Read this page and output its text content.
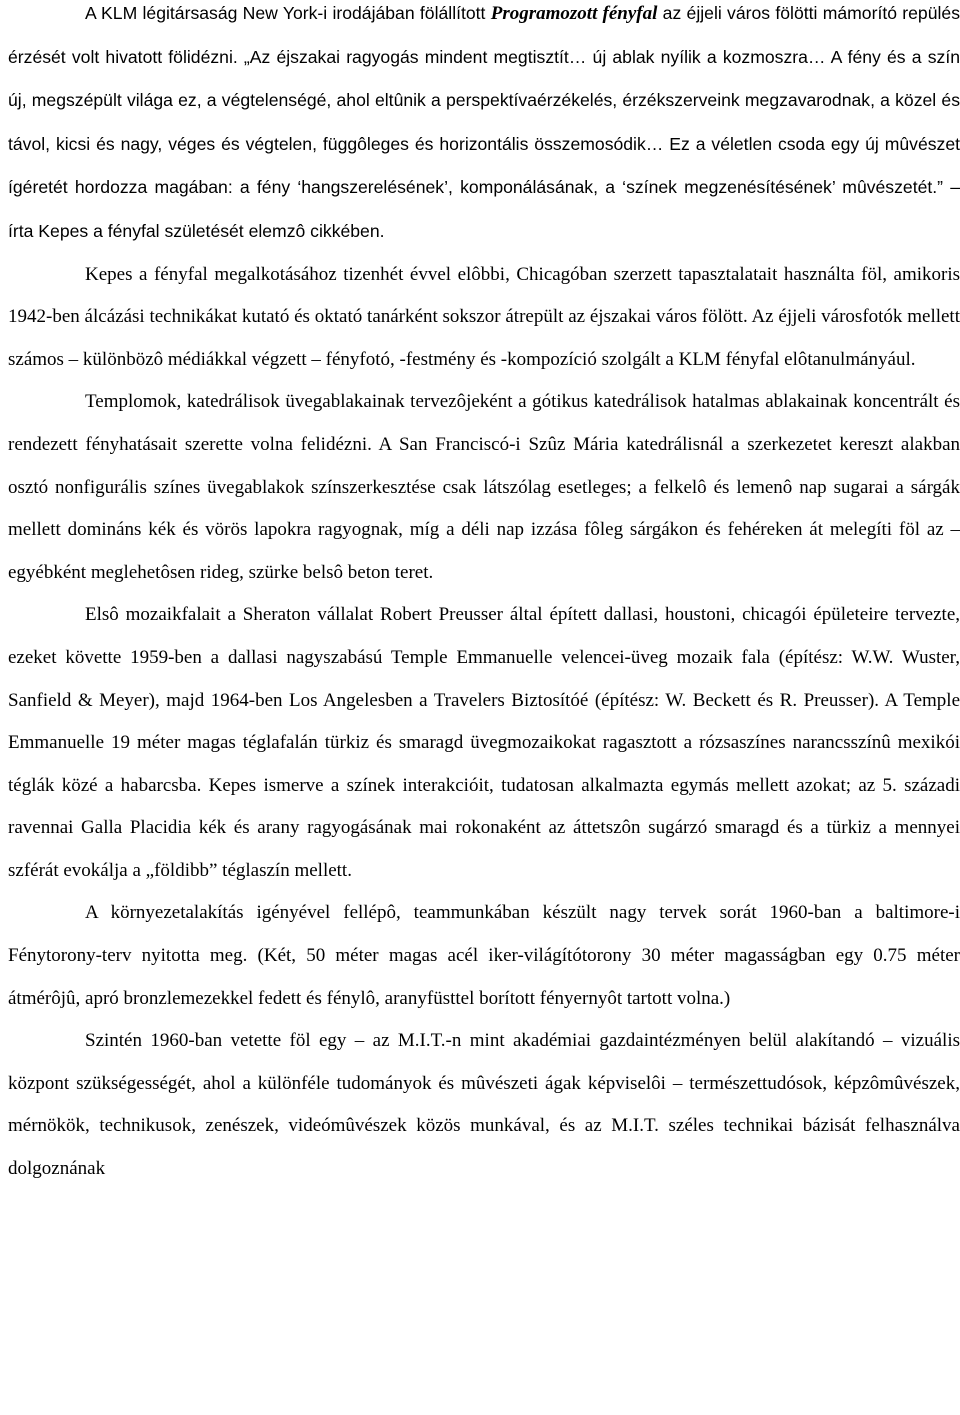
A KLM légitársaság New York-i irodájában fölállított Programozott fényfal az éjjeli város fölötti mámorító repülés érzését volt hivatott fölidézni. „Az éjszakai ragyogás mindent megtisztít… új ablak nyílik a kozmoszra… A fény és a szín új, megszépült világa ez, a végtelenségé, ahol eltûnik a perspektívaérzékelés, érzékszerveink megzavarodnak, a közel és távol, kicsi és nagy, véges és végtelen, függôleges és horizontális összemosódik… Ez a véletlen csoda egy új mûvészet ígéretét hordozza magában: a fény ‘hangszerelésének’, komponálásának, a ‘színek megzenésítésének’ mûvészetét.” – írta Kepes a fényfal születését elemzô cikkében.

Kepes a fényfal megalkotásához tizenhét évvel elôbbi, Chicagóban szerzett tapasztalatait használta föl, amikoris 1942-ben álcázási technikákat kutató és oktató tanárként sokszor átrepült az éjszakai város fölött. Az éjjeli városfotók mellett számos – különbözô médiákkal végzett – fényfotó, -festmény és -kompozíció szolgált a KLM fényfal elôtanulmányául.

Templomok, katedrálisok üvegablakainak tervezôjeként a gótikus katedrálisok hatalmas ablakainak koncentrált és rendezett fényhatásait szerette volna felidézni. A San Franciscó-i Szûz Mária katedrálisnál a szerkezetet kereszt alakban osztó nonfigurális színes üvegablakok színszerkesztése csak látszólag esetleges; a felkelô és lemenô nap sugarai a sárgák mellett domináns kék és vörös lapokra ragyognak, míg a déli nap izzása fôleg sárgákon és fehéreken át melegíti föl az – egyébként meglehetôsen rideg, szürke belsô beton teret.

Elsô mozaikfalait a Sheraton vállalat Robert Preusser által épített dallasi, houstoni, chicagói épületeire tervezte, ezeket követte 1959-ben a dallasi nagyszabású Temple Emmanuelle velencei-üveg mozaik fala (építész: W.W. Wuster, Sanfield & Meyer), majd 1964-ben Los Angelesben a Travelers Biztosítóé (építész: W. Beckett és R. Preusser). A Temple Emmanuelle 19 méter magas téglafalán türkiz és smaragd üvegmozaikokat ragasztott a rózsaszínes narancsszínû mexikói téglák közé a habarcsba. Kepes ismerve a színek interakcióit, tudatosan alkalmazta egymás mellett azokat; az 5. századi ravennai Galla Placidia kék és arany ragyogásának mai rokonaként az áttetszôn sugárzó smaragd és a türkiz a mennyei szférát evokálja a „földibb” téglaszín mellett.

A környezetalakítás igényével fellépô, teammunkában készült nagy tervek sorát 1960-ban a baltimore-i Fénytorony-terv nyitotta meg. (Két, 50 méter magas acél iker-világítótorony 30 méter magasságban egy 0.75 méter átmérôjû, apró bronzlemezekkel fedett és fénylô, aranyfüsttel borított fényernyôt tartott volna.)

Szintén 1960-ban vetette föl egy – az M.I.T.-n mint akadémiai gazdaintézményen belül alakítandó – vizuális központ szükségességét, ahol a különféle tudományok és mûvészeti ágak képviselôi – természettudósok, képzômûvészek, mérnökök, technikusok, zenészek, videómûvészek közös munkával, és az M.I.T. széles technikai bázisát felhasználva dolgoznának
